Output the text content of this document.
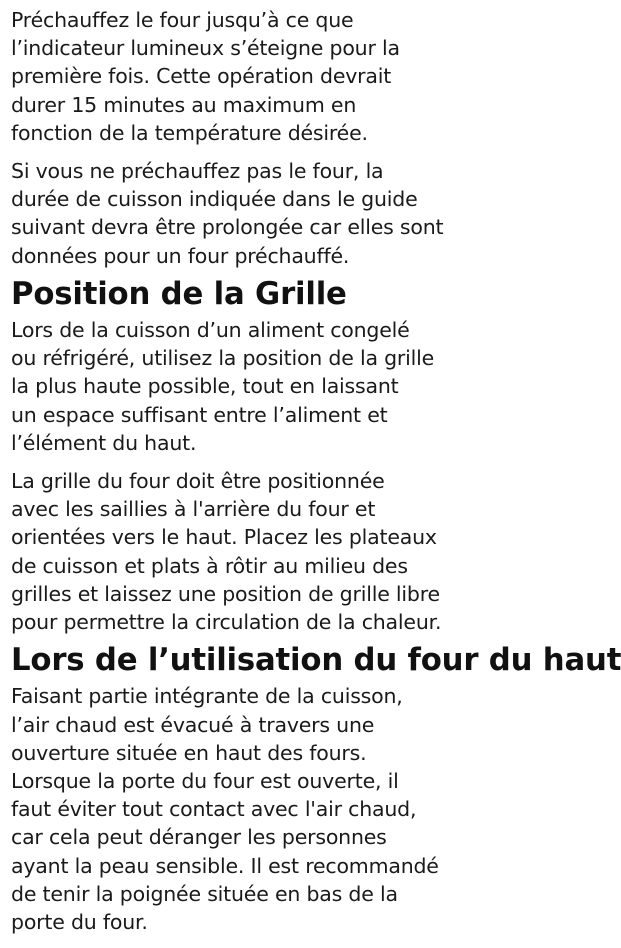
Préchauffez le four jusqu’à ce que
l’indicateur lumineux s’éteigne pour la
première fois. Cette opération devrait
durer 15 minutes au maximum en
fonction de la température désirée.

Si vous ne préchauffez pas le four, la
durée de cuisson indiquée dans le guide
suivant devra être prolongée car elles sont
données pour un four préchauffé.

Position de la Grille

Lors de la cuisson d’un aliment congelé
ou réfrigéré, utilisez la position de la grille
la plus haute possible, tout en laissant
un espace suffisant entre l’aliment et
l’élément du haut.

La grille du four doit être positionnée
avec les saillies à l'arrière du four et
orientées vers le haut. Placez les plateaux
de cuisson et plats à rôtir au milieu des
grilles et laissez une position de grille libre
pour permettre la circulation de la chaleur.

Lors de l’utilisation du four du haut

Faisant partie intégrante de la cuisson,
l’air chaud est évacué à travers une
ouverture située en haut des fours.
Lorsque la porte du four est ouverte, il
faut éviter tout contact avec l'air chaud,
car cela peut déranger les personnes
ayant la peau sensible. Il est recommandé
de tenir la poignée située en bas de la
porte du four.
